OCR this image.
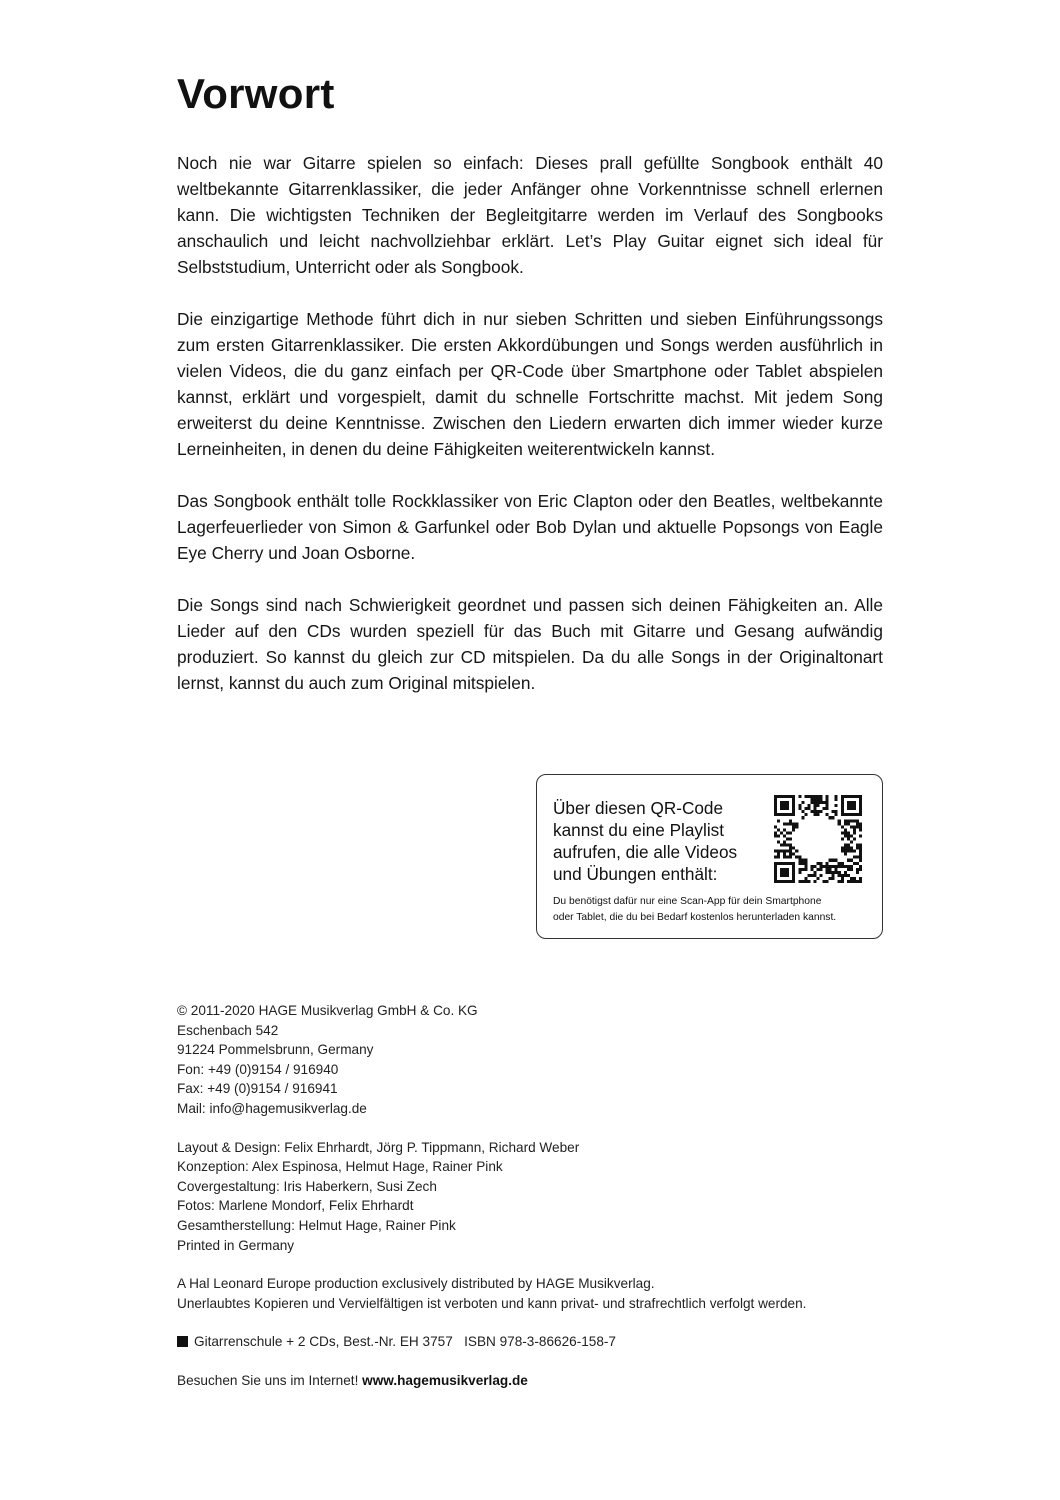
Vorwort

Noch nie war Gitarre spielen so einfach: Dieses prall gefüllte Songbook enthält 40 weltbekannte Gitarrenklassiker, die jeder Anfänger ohne Vorkenntnisse schnell erlernen kann. Die wichtigsten Techniken der Begleitgitarre werden im Verlauf des Songbooks anschaulich und leicht nachvollziehbar erklärt. Let’s Play Guitar eignet sich ideal für Selbststudium, Unterricht oder als Songbook.

Die einzigartige Methode führt dich in nur sieben Schritten und sieben Einführungssongs zum ersten Gitarrenklassiker. Die ersten Akkordübungen und Songs werden ausführlich in vielen Videos, die du ganz einfach per QR-Code über Smartphone oder Tablet abspielen kannst, erklärt und vorgespielt, damit du schnelle Fortschritte machst. Mit jedem Song erweiterst du deine Kenntnisse. Zwischen den Liedern erwarten dich immer wieder kurze Lerneinheiten, in denen du deine Fähigkeiten weiterentwickeln kannst.

Das Songbook enthält tolle Rockklassiker von Eric Clapton oder den Beatles, weltbekannte Lagerfeuerlieder von Simon & Garfunkel oder Bob Dylan und aktuelle Popsongs von Eagle Eye Cherry und Joan Osborne.

Die Songs sind nach Schwierigkeit geordnet und passen sich deinen Fähigkeiten an. Alle Lieder auf den CDs wurden speziell für das Buch mit Gitarre und Gesang aufwändig produziert. So kannst du gleich zur CD mitspielen. Da du alle Songs in der Originaltonart lernst, kannst du auch zum Original mitspielen.

Über diesen QR-Code kannst du eine Playlist aufrufen, die alle Videos und Übungen enthält:
Du benötigst dafür nur eine Scan-App für dein Smartphone
oder Tablet, die du bei Bedarf kostenlos herunterladen kannst.
© 2011-2020 HAGE Musikverlag GmbH & Co. KG
Eschenbach 542
91224 Pommelsbrunn, Germany
Fon: +49 (0)9154 / 916940
Fax: +49 (0)9154 / 916941
Mail: info@hagemusikverlag.de
Layout & Design: Felix Ehrhardt, Jörg P. Tippmann, Richard Weber
Konzeption: Alex Espinosa, Helmut Hage, Rainer Pink
Covergestaltung: Iris Haberkern, Susi Zech
Fotos: Marlene Mondorf, Felix Ehrhardt
Gesamtherstellung: Helmut Hage, Rainer Pink
Printed in Germany
A Hal Leonard Europe production exclusively distributed by HAGE Musikverlag.
Unerlaubtes Kopieren und Vervielfältigen ist verboten und kann privat- und strafrechtlich verfolgt werden.
Gitarrenschule + 2 CDs, Best.-Nr. EH 3757   ISBN 978-3-86626-158-7
Besuchen Sie uns im Internet! www.hagemusikverlag.de
